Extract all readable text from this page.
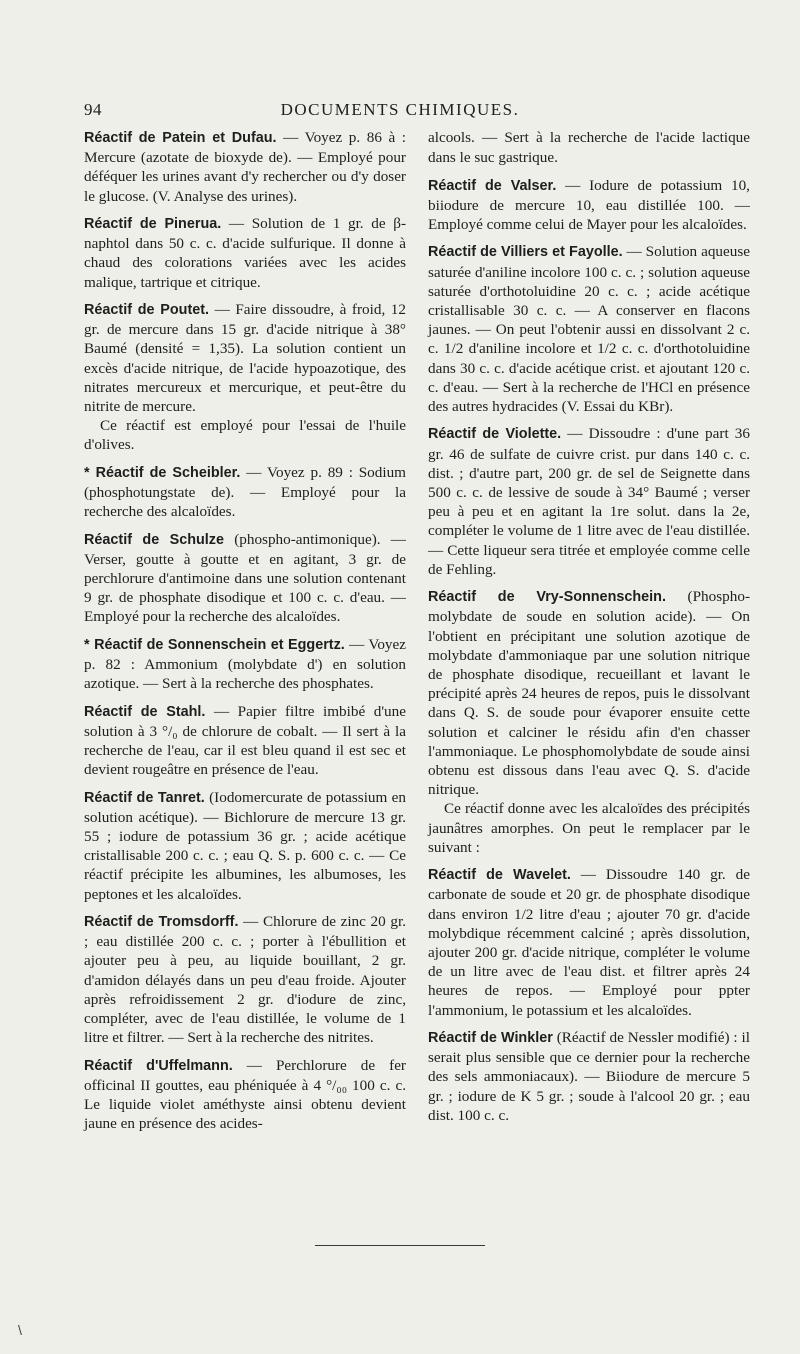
94	DOCUMENTS CHIMIQUES.

Réactif de Patein et Dufau. — Voyez p. 86 à : Mercure (azotate de bioxyde de). — Employé pour déféquer les urines avant d'y rechercher ou d'y doser le glucose. (V. Analyse des urines).

Réactif de Pinerua. — Solution de 1 gr. de β-naphtol dans 50 c. c. d'acide sulfurique. Il donne à chaud des colorations variées avec les acides malique, tartrique et citrique.

Réactif de Poutet. — Faire dissoudre, à froid, 12 gr. de mercure dans 15 gr. d'acide nitrique à 38° Baumé (densité = 1,35). La solution contient un excès d'acide nitrique, de l'acide hypoazotique, des nitrates mercureux et mercurique, et peut-être du nitrite de mercure.

Ce réactif est employé pour l'essai de l'huile d'olives.

* Réactif de Scheibler. — Voyez p. 89 : Sodium (phosphotungstate de). — Employé pour la recherche des alcaloïdes.

Réactif de Schulze (phospho-antimonique). — Verser, goutte à goutte et en agitant, 3 gr. de perchlorure d'antimoine dans une solution contenant 9 gr. de phosphate disodique et 100 c. c. d'eau. — Employé pour la recherche des alcaloïdes.

* Réactif de Sonnenschein et Eggertz. — Voyez p. 82 : Ammonium (molybdate d') en solution azotique. — Sert à la recherche des phosphates.

Réactif de Stahl. — Papier filtre imbibé d'une solution à 3 °/₀ de chlorure de cobalt. — Il sert à la recherche de l'eau, car il est bleu quand il est sec et devient rougeâtre en présence de l'eau.

Réactif de Tanret. (Iodomercurate de potassium en solution acétique). — Bichlorure de mercure 13 gr. 55 ; iodure de potassium 36 gr. ; acide acétique cristallisable 200 c. c. ; eau Q. S. p. 600 c. c. — Ce réactif précipite les albumines, les albumoses, les peptones et les alcaloïdes.

Réactif de Tromsdorff. — Chlorure de zinc 20 gr. ; eau distillée 200 c. c. ; porter à l'ébullition et ajouter peu à peu, au liquide bouillant, 2 gr. d'amidon délayés dans un peu d'eau froide. Ajouter après refroidissement 2 gr. d'iodure de zinc, compléter, avec de l'eau distillée, le volume de 1 litre et filtrer. — Sert à la recherche des nitrites.

Réactif d'Uffelmann. — Perchlorure de fer officinal II gouttes, eau phéniquée à 4 °/₀₀ 100 c. c. Le liquide violet améthyste ainsi obtenu devient jaune en présence des acides-

alcools. — Sert à la recherche de l'acide lactique dans le suc gastrique.

Réactif de Valser. — Iodure de potassium 10, biiodure de mercure 10, eau distillée 100. — Employé comme celui de Mayer pour les alcaloïdes.

Réactif de Villiers et Fayolle. — Solution aqueuse saturée d'aniline incolore 100 c. c. ; solution aqueuse saturée d'orthotoluidine 20 c. c. ; acide acétique cristallisable 30 c. c. — A conserver en flacons jaunes. — On peut l'obtenir aussi en dissolvant 2 c. c. 1/2 d'aniline incolore et 1/2 c. c. d'orthotoluidine dans 30 c. c. d'acide acétique crist. et ajoutant 120 c. c. d'eau. — Sert à la recherche de l'HCl en présence des autres hydracides (V. Essai du KBr).

Réactif de Violette. — Dissoudre : d'une part 36 gr. 46 de sulfate de cuivre crist. pur dans 140 c. c. dist. ; d'autre part, 200 gr. de sel de Seignette dans 500 c. c. de lessive de soude à 34° Baumé ; verser peu à peu et en agitant la 1re solut. dans la 2e, compléter le volume de 1 litre avec de l'eau distillée. — Cette liqueur sera titrée et employée comme celle de Fehling.

Réactif de Vry-Sonnenschein. (Phospho-molybdate de soude en solution acide). — On l'obtient en précipitant une solution azotique de molybdate d'ammoniaque par une solution nitrique de phosphate disodique, recueillant et lavant le précipité après 24 heures de repos, puis le dissolvant dans Q. S. de soude pour évaporer ensuite cette solution et calciner le résidu afin d'en chasser l'ammoniaque. Le phosphomolybdate de soude ainsi obtenu est dissous dans l'eau avec Q. S. d'acide nitrique.

Ce réactif donne avec les alcaloïdes des précipités jaunâtres amorphes. On peut le remplacer par le suivant :

Réactif de Wavelet. — Dissoudre 140 gr. de carbonate de soude et 20 gr. de phosphate disodique dans environ 1/2 litre d'eau ; ajouter 70 gr. d'acide molybdique récemment calciné ; après dissolution, ajouter 200 gr. d'acide nitrique, compléter le volume de un litre avec de l'eau dist. et filtrer après 24 heures de repos. — Employé pour ppter l'ammonium, le potassium et les alcaloïdes.

Réactif de Winkler (Réactif de Nessler modifié) : il serait plus sensible que ce dernier pour la recherche des sels ammoniacaux). — Biiodure de mercure 5 gr. ; iodure de K 5 gr. ; soude à l'alcool 20 gr. ; eau dist. 100 c. c.

\
